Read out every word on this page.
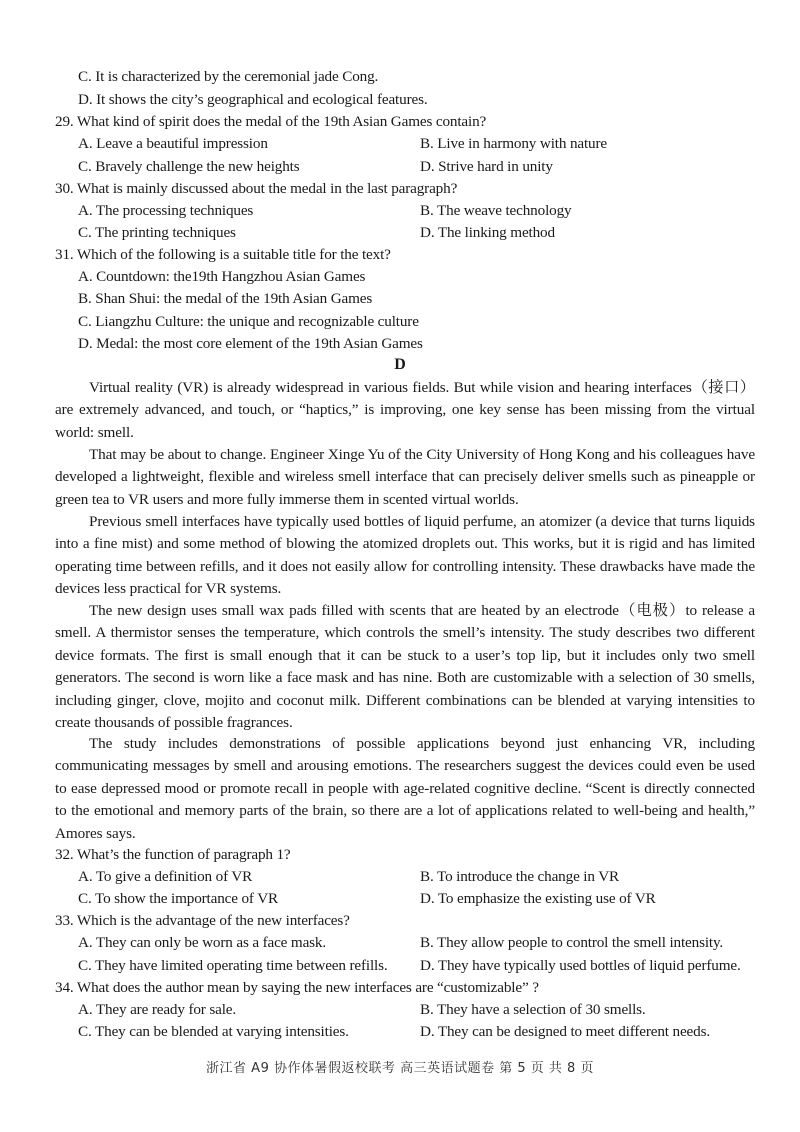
C. It is characterized by the ceremonial jade Cong.
D. It shows the city’s geographical and ecological features.
29. What kind of spirit does the medal of the 19th Asian Games contain?
A. Leave a beautiful impression	B. Live in harmony with nature
C. Bravely challenge the new heights	D. Strive hard in unity
30. What is mainly discussed about the medal in the last paragraph?
A. The processing techniques	B. The weave technology
C. The printing techniques	D. The linking method
31. Which of the following is a suitable title for the text?
A. Countdown: the19th Hangzhou Asian Games
B. Shan Shui: the medal of the 19th Asian Games
C. Liangzhu Culture: the unique and recognizable culture
D. Medal: the most core element of the 19th Asian Games
D
Virtual reality (VR) is already widespread in various fields. But while vision and hearing interfaces（接口）are extremely advanced, and touch, or “haptics,” is improving, one key sense has been missing from the virtual world: smell.
That may be about to change. Engineer Xinge Yu of the City University of Hong Kong and his colleagues have developed a lightweight, flexible and wireless smell interface that can precisely deliver smells such as pineapple or green tea to VR users and more fully immerse them in scented virtual worlds.
Previous smell interfaces have typically used bottles of liquid perfume, an atomizer (a device that turns liquids into a fine mist) and some method of blowing the atomized droplets out. This works, but it is rigid and has limited operating time between refills, and it does not easily allow for controlling intensity. These drawbacks have made the devices less practical for VR systems.
The new design uses small wax pads filled with scents that are heated by an electrode（电极）to release a smell. A thermistor senses the temperature, which controls the smell’s intensity. The study describes two different device formats. The first is small enough that it can be stuck to a user’s top lip, but it includes only two smell generators. The second is worn like a face mask and has nine. Both are customizable with a selection of 30 smells, including ginger, clove, mojito and coconut milk. Different combinations can be blended at varying intensities to create thousands of possible fragrances.
The study includes demonstrations of possible applications beyond just enhancing VR, including communicating messages by smell and arousing emotions. The researchers suggest the devices could even be used to ease depressed mood or promote recall in people with age-related cognitive decline. “Scent is directly connected to the emotional and memory parts of the brain, so there are a lot of applications related to well-being and health,” Amores says.
32. What’s the function of paragraph 1?
A. To give a definition of VR	B. To introduce the change in VR
C. To show the importance of VR	D. To emphasize the existing use of VR
33. Which is the advantage of the new interfaces?
A. They can only be worn as a face mask.	B. They allow people to control the smell intensity.
C. They have limited operating time between refills. D. They have typically used bottles of liquid perfume.
34. What does the author mean by saying the new interfaces are “customizable” ?
A. They are ready for sale.	B. They have a selection of 30 smells.
C. They can be blended at varying intensities.	D. They can be designed to meet different needs.
浙江省 A9 协作体暑假返校联考 高三英语试题卷 第 5 页 共 8 页
